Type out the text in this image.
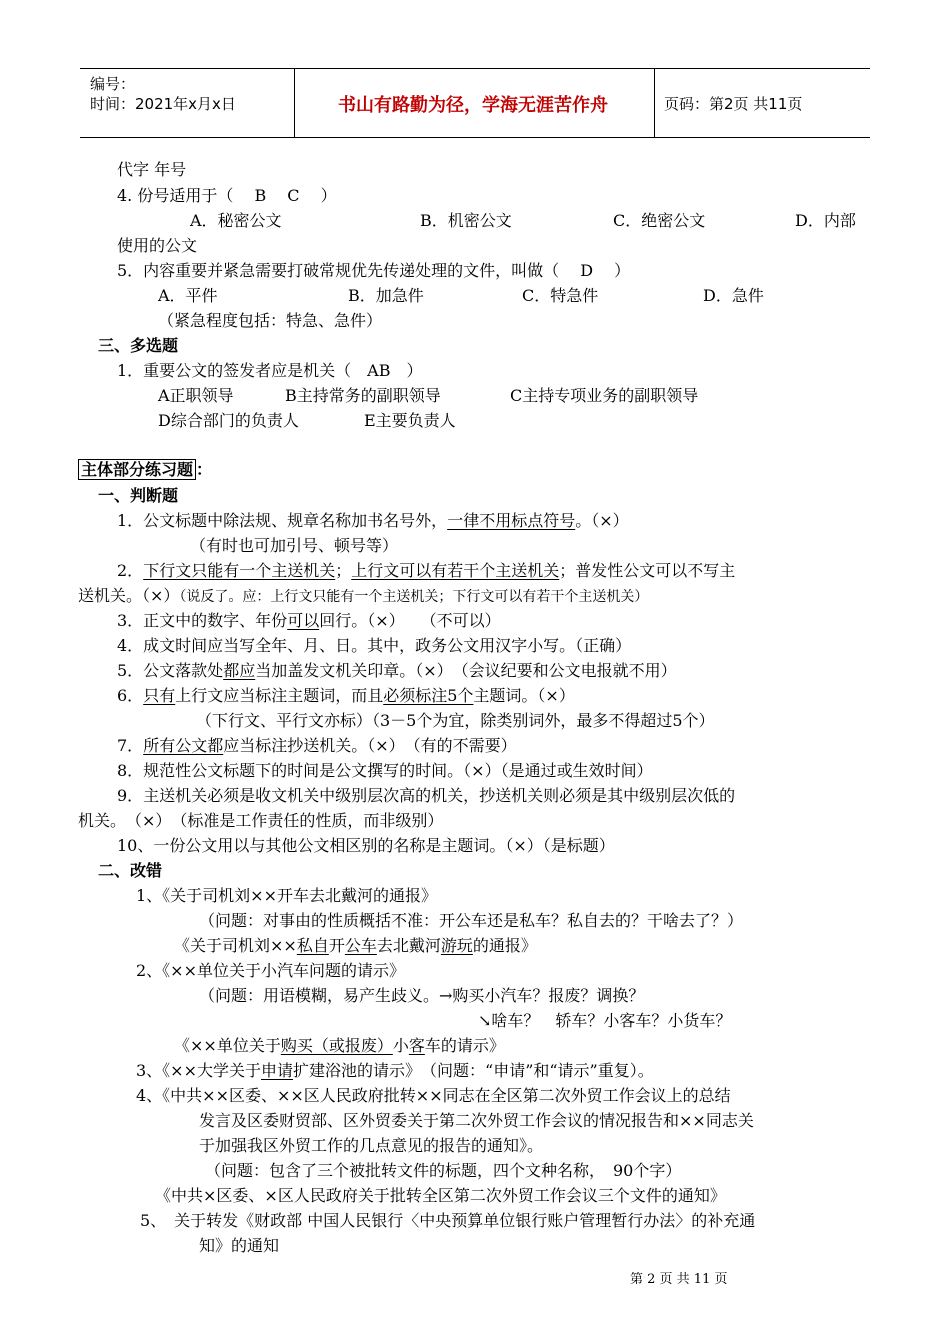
编号：
时间：2021年x月x日	书山有路勤为径，学海无涯苦作舟	页码：第2页 共11页
代字 年号
4. 份号适用于（　 B　 C　 ）
A．秘密公文	B．机密公文	C．绝密公文	D．内部
使用的公文
5．内容重要并紧急需要打破常规优先传递处理的文件，叫做（　 D　 ）
A．平件	B．加急件	C．特急件	D．急件
（紧急程度包括：特急、急件）
三、多选题
1．重要公文的签发者应是机关（　AB　）
A正职领导	B主持常务的副职领导	C主持专项业务的副职领导
D综合部门的负责人	E主要负责人
主体部分练习题 ：
一、判断题
1．公文标题中除法规、规章名称加书名号外，一律不用标点符号。（×）
（有时也可加引号、顿号等）
2．下行文只能有一个主送机关；上行文可以有若干个主送机关；普发性公文可以不写主
送机关。（×）（说反了。应：上行文只能有一个主送机关；下行文可以有若干个主送机关）
3．正文中的数字、年份可以回行。（×）　　（不可以）
4．成文时间应当写全年、月、日。其中，政务公文用汉字小写。（正确）
5．公文落款处都应当加盖发文机关印章。（×）　（会议纪要和公文电报就不用）
6．只有上行文应当标注主题词，而且必须标注5个主题词。（×）
（下行文、平行文亦标）（3－5个为宜，除类别词外，最多不得超过5个）
7．所有公文都应当标注抄送机关。（×）　（有的不需要）
8．规范性公文标题下的时间是公文撰写的时间。（×）（是通过或生效时间）
9．主送机关必须是收文机关中级别层次高的机关，抄送机关则必须是其中级别层次低的
机关。　（×）　（标准是工作责任的性质，而非级别）
10、一份公文用以与其他公文相区别的名称是主题词。（×）（是标题）
二、改错
1、《关于司机刘××开车去北戴河的通报》
（问题：对事由的性质概括不准：开公车还是私车？私自去的？干啥去了？）
《关于司机刘××私自开公车去北戴河游玩的通报》
2、《××单位关于小汽车问题的请示》
（问题：用语模糊，易产生歧义。→购买小汽车？报废？调换？
↘啥车？　轿车？小客车？小货车？
《××单位关于购买（或报废）小客车的请示》
3、《××大学关于申请扩建浴池的请示》　（问题：“申请”和“请示”重复）。
4、《中共××区委、××区人民政府批转××同志在全区第二次外贸工作会议上的总结
发言及区委财贸部、区外贸委关于第二次外贸工作会议的情况报告和××同志关
于加强我区外贸工作的几点意见的报告的通知》。
（问题：包含了三个被批转文件的标题，四个文种名称，　90个字）
《中共×区委、×区人民政府关于批转全区第二次外贸工作会议三个文件的通知》
5、　关于转发《财政部 中国人民银行〈中央预算单位银行账户管理暂行办法〉的补充通
知》的通知
第 2 页 共 11 页
